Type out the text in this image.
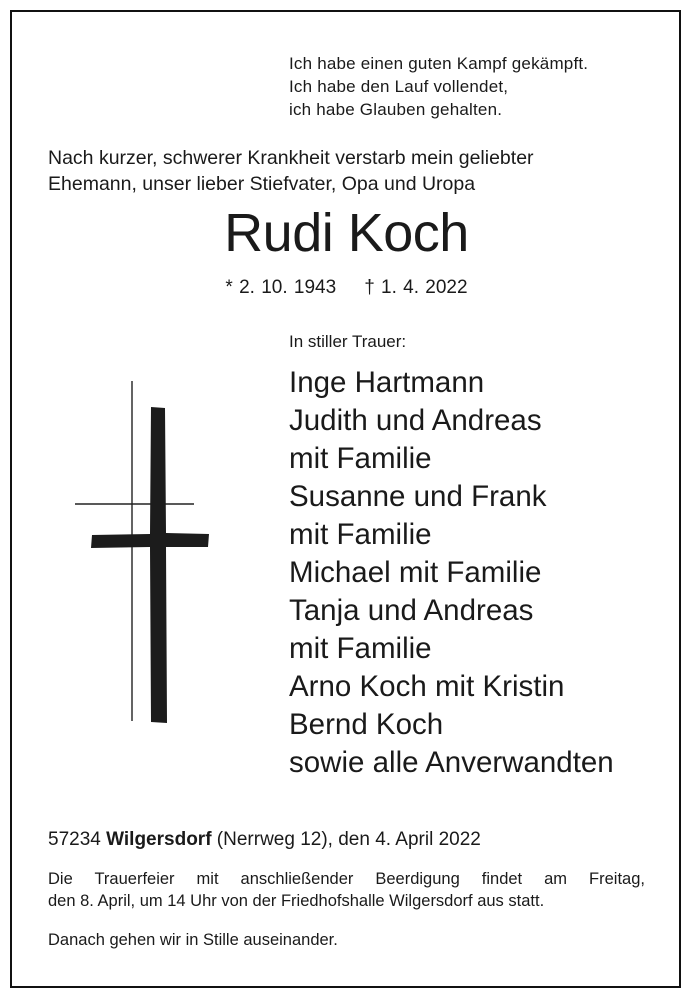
Ich habe einen guten Kampf gekämpft.
Ich habe den Lauf vollendet,
ich habe Glauben gehalten.
Nach kurzer, schwerer Krankheit verstarb mein geliebter
Ehemann, unser lieber Stiefvater, Opa und Uropa
Rudi Koch
* 2. 10. 1943 † 1. 4. 2022
In stiller Trauer:
Inge Hartmann
Judith und Andreas
mit Familie
Susanne und Frank
mit Familie
Michael mit Familie
Tanja und Andreas
mit Familie
Arno Koch mit Kristin
Bernd Koch
sowie alle Anverwandten
57234 Wilgersdorf (Nerrweg 12), den 4. April 2022
Die Trauerfeier mit anschließender Beerdigung findet am Freitag,
den 8. April, um 14 Uhr von der Friedhofshalle Wilgersdorf aus statt.
Danach gehen wir in Stille auseinander.
